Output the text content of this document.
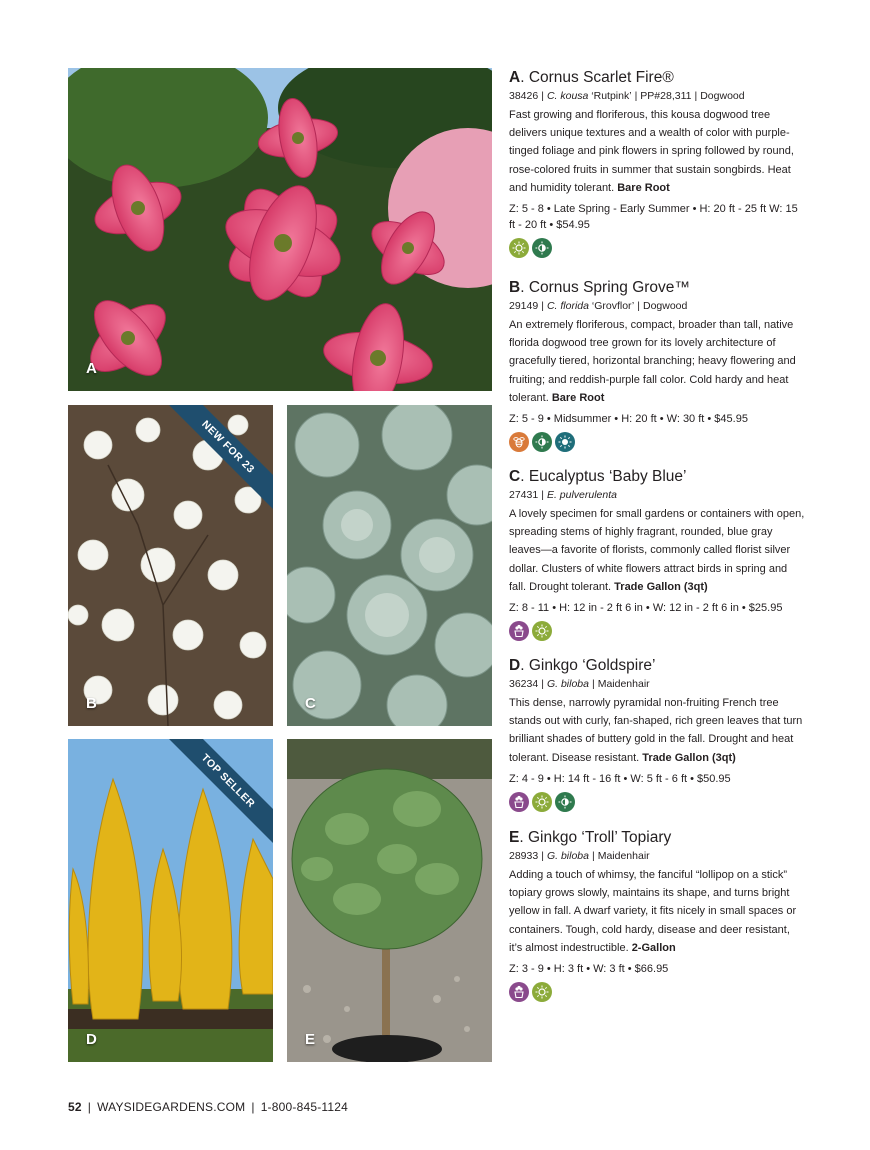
A
NEW FOR 23
B	C
TOP SELLER
D	E
A. Cornus Scarlet Fire®
38426 | C. kousa ‘Rutpink’ | PP#28,311 | Dogwood

Fast growing and floriferous, this kousa dogwood tree delivers unique textures and a wealth of color with purple-tinged foliage and pink flowers in spring followed by round, rose-colored fruits in summer that sustain songbirds. Heat and humidity tolerant. Bare Root

Z: 5 - 8 • Late Spring - Early Summer • H: 20 ft - 25 ft W: 15 ft - 20 ft • $54.95
B. Cornus Spring Grove™
29149 | C. florida ‘Grovflor’ | Dogwood

An extremely floriferous, compact, broader than tall, native florida dogwood tree grown for its lovely architecture of gracefully tiered, horizontal branching; heavy flowering and fruiting; and reddish-purple fall color. Cold hardy and heat tolerant. Bare Root

Z: 5 - 9 • Midsummer • H: 20 ft • W: 30 ft • $45.95
C. Eucalyptus ‘Baby Blue’
27431 | E. pulverulenta

A lovely specimen for small gardens or containers with open, spreading stems of highly fragrant, rounded, blue gray leaves—a favorite of florists, commonly called florist silver dollar. Clusters of white flowers attract birds in spring and fall. Drought tolerant. Trade Gallon (3qt)

Z: 8 - 11 • H: 12 in - 2 ft 6 in • W: 12 in - 2 ft 6 in • $25.95
D. Ginkgo ‘Goldspire’
36234 | G. biloba | Maidenhair

This dense, narrowly pyramidal non-fruiting French tree stands out with curly, fan-shaped, rich green leaves that turn brilliant shades of buttery gold in the fall. Drought and heat tolerant. Disease resistant. Trade Gallon (3qt)

Z: 4 - 9 • H: 14 ft - 16 ft • W: 5 ft - 6 ft • $50.95
E. Ginkgo ‘Troll’ Topiary
28933 | G. biloba | Maidenhair

Adding a touch of whimsy, the fanciful “lollipop on a stick” topiary grows slowly, maintains its shape, and turns bright yellow in fall. A dwarf variety, it fits nicely in small spaces or containers. Tough, cold hardy, disease and deer resistant, it’s almost indestructible. 2-Gallon

Z: 3 - 9 • H: 3 ft • W: 3 ft • $66.95
52 | WAYSIDEGARDENS.COM | 1-800-845-1124
